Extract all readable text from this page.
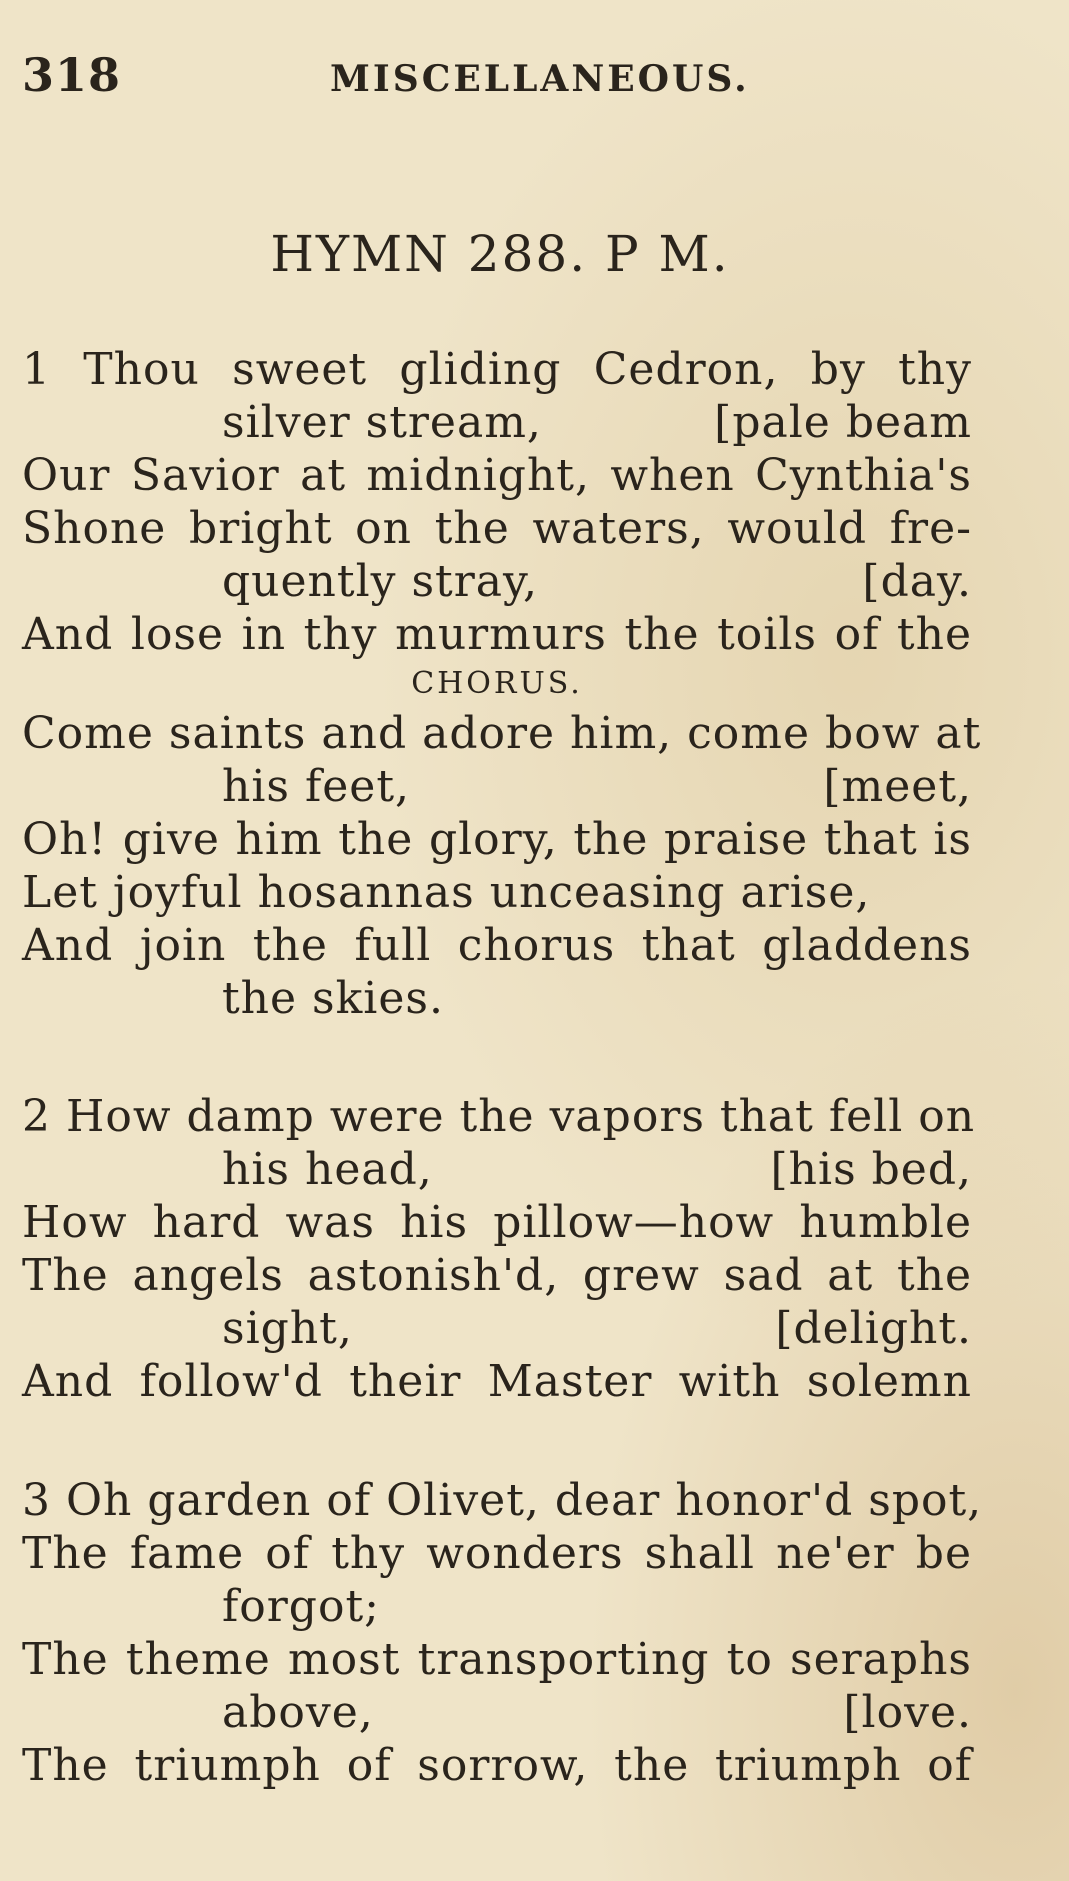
318	MISCELLANEOUS.
HYMN 288. P M.
1 Thou sweet gliding Cedron, by thy
silver stream,	[pale beam
Our Savior at midnight, when Cynthia's
Shone bright on the waters, would fre-
quently stray,	[day.
And lose in thy murmurs the toils of the
CHORUS.
Come saints and adore him, come bow at
his feet,	[meet,
Oh! give him the glory, the praise that is
Let joyful hosannas unceasing arise,
And join the full chorus that gladdens
the skies.
2 How damp were the vapors that fell on
his head,	[his bed,
How hard was his pillow—how humble
The angels astonish'd, grew sad at the
sight,	[delight.
And follow'd their Master with solemn
3 Oh garden of Olivet, dear honor'd spot,
The fame of thy wonders shall ne'er be
forgot;
The theme most transporting to seraphs
above,	[love.
The triumph of sorrow, the triumph of
